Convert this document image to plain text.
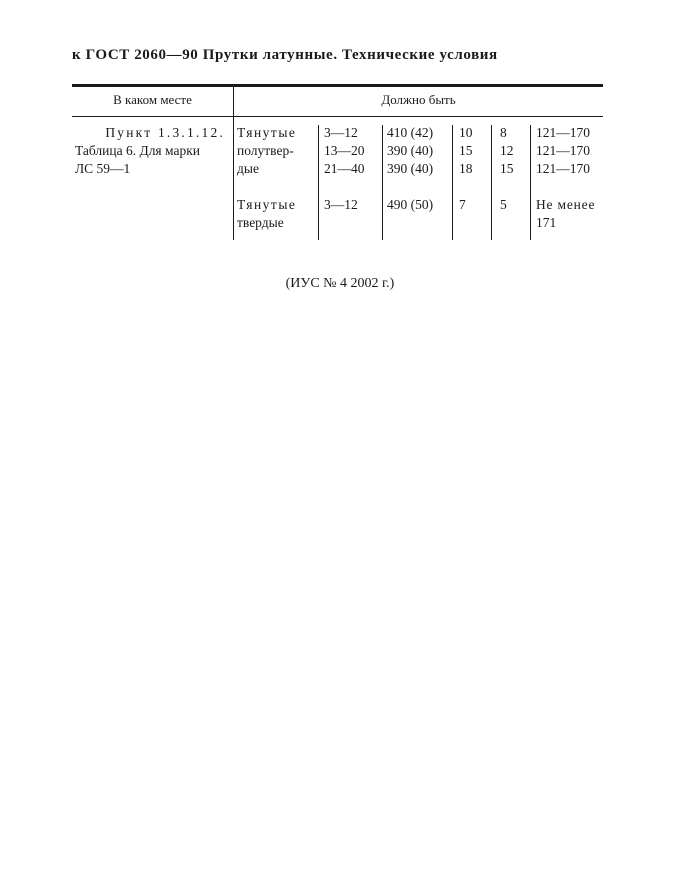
к ГОСТ 2060—90 Прутки латунные. Технические условия
В каком месте	Должно быть
Пункт 1.3.1.12.
Таблица 6. Для марки
ЛС 59—1
Тянутые
полутвер-
дые
3—12
13—20
21—40
410 (42)
390 (40)
390 (40)
10
15
18
8
12
15
121—170
121—170
121—170
Тянутые
твердые
3—12 490 (50) 7	5 Не менее
171
(ИУС № 4 2002 г.)
